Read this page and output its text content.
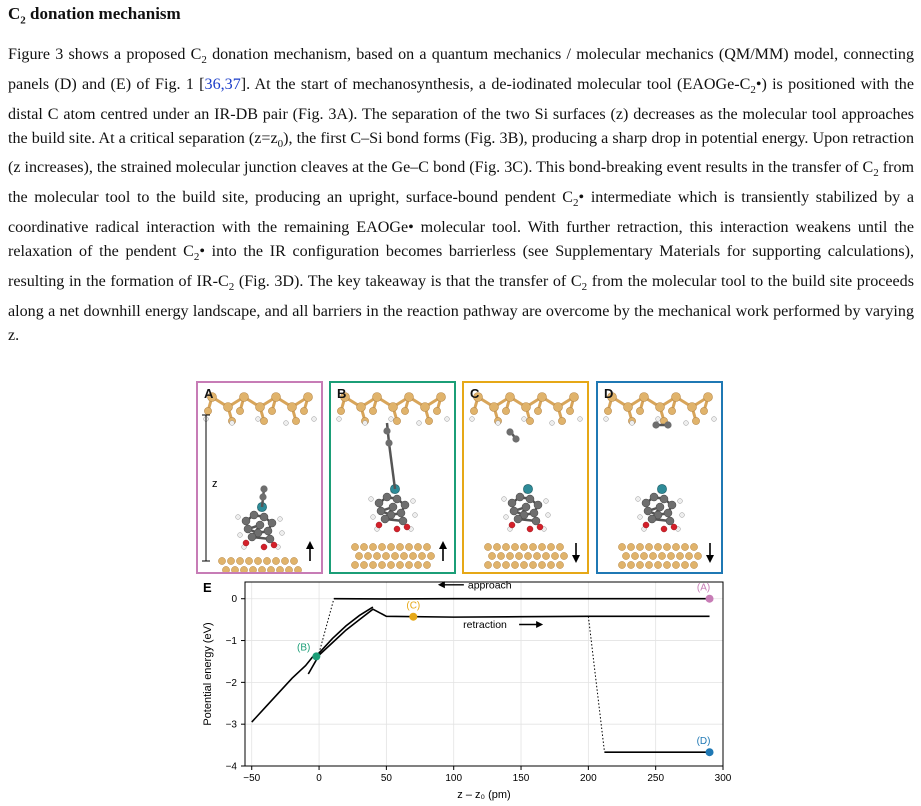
$C_2$ donation mechanism
Figure 3 shows a proposed $C_2$ donation mechanism, based on a quantum mechanics / molecular mechanics (QM/MM) model, connecting panels (D) and (E) of Fig. 1 [36,37]. At the start of mechanosynthesis, a de-iodinated molecular tool $(EAOGe-C_2•)$ is positioned with the distal C atom centred under an IR-DB pair (Fig. 3A). The separation of the two Si surfaces (z) decreases as the molecular tool approaches the build site. At a critical separation $(z=z_0)$, the first C–Si bond forms (Fig. 3B), producing a sharp drop in potential energy. Upon retraction (z increases), the strained molecular junction cleaves at the Ge–C bond (Fig. 3C). This bond-breaking event results in the transfer of $C_2$ from the molecular tool to the build site, producing an upright, surface-bound pendent $C_2•$ intermediate which is transiently stabilized by a coordinative radical interaction with the remaining EAOGe• molecular tool. With further retraction, this interaction weakens until the relaxation of the pendent $C_2•$ into the IR configuration becomes barrierless (see Supplementary Materials for supporting calculations), resulting in the formation of $IR-C_2$ (Fig. 3D). The key takeaway is that the transfer of $C_2$ from the molecular tool to the build site proceeds along a net downhill energy landscape, and all barriers in the reaction pathway are overcome by the mechanical work performed by varying z.
z
A	B	C	D
−50	0	50	100	150	200	250	300
0
−1
−2
−3
−4
z – z₀ (pm)
Potential energy (eV)
E	(A)
(B)
(C)
(D)
approach
retraction
